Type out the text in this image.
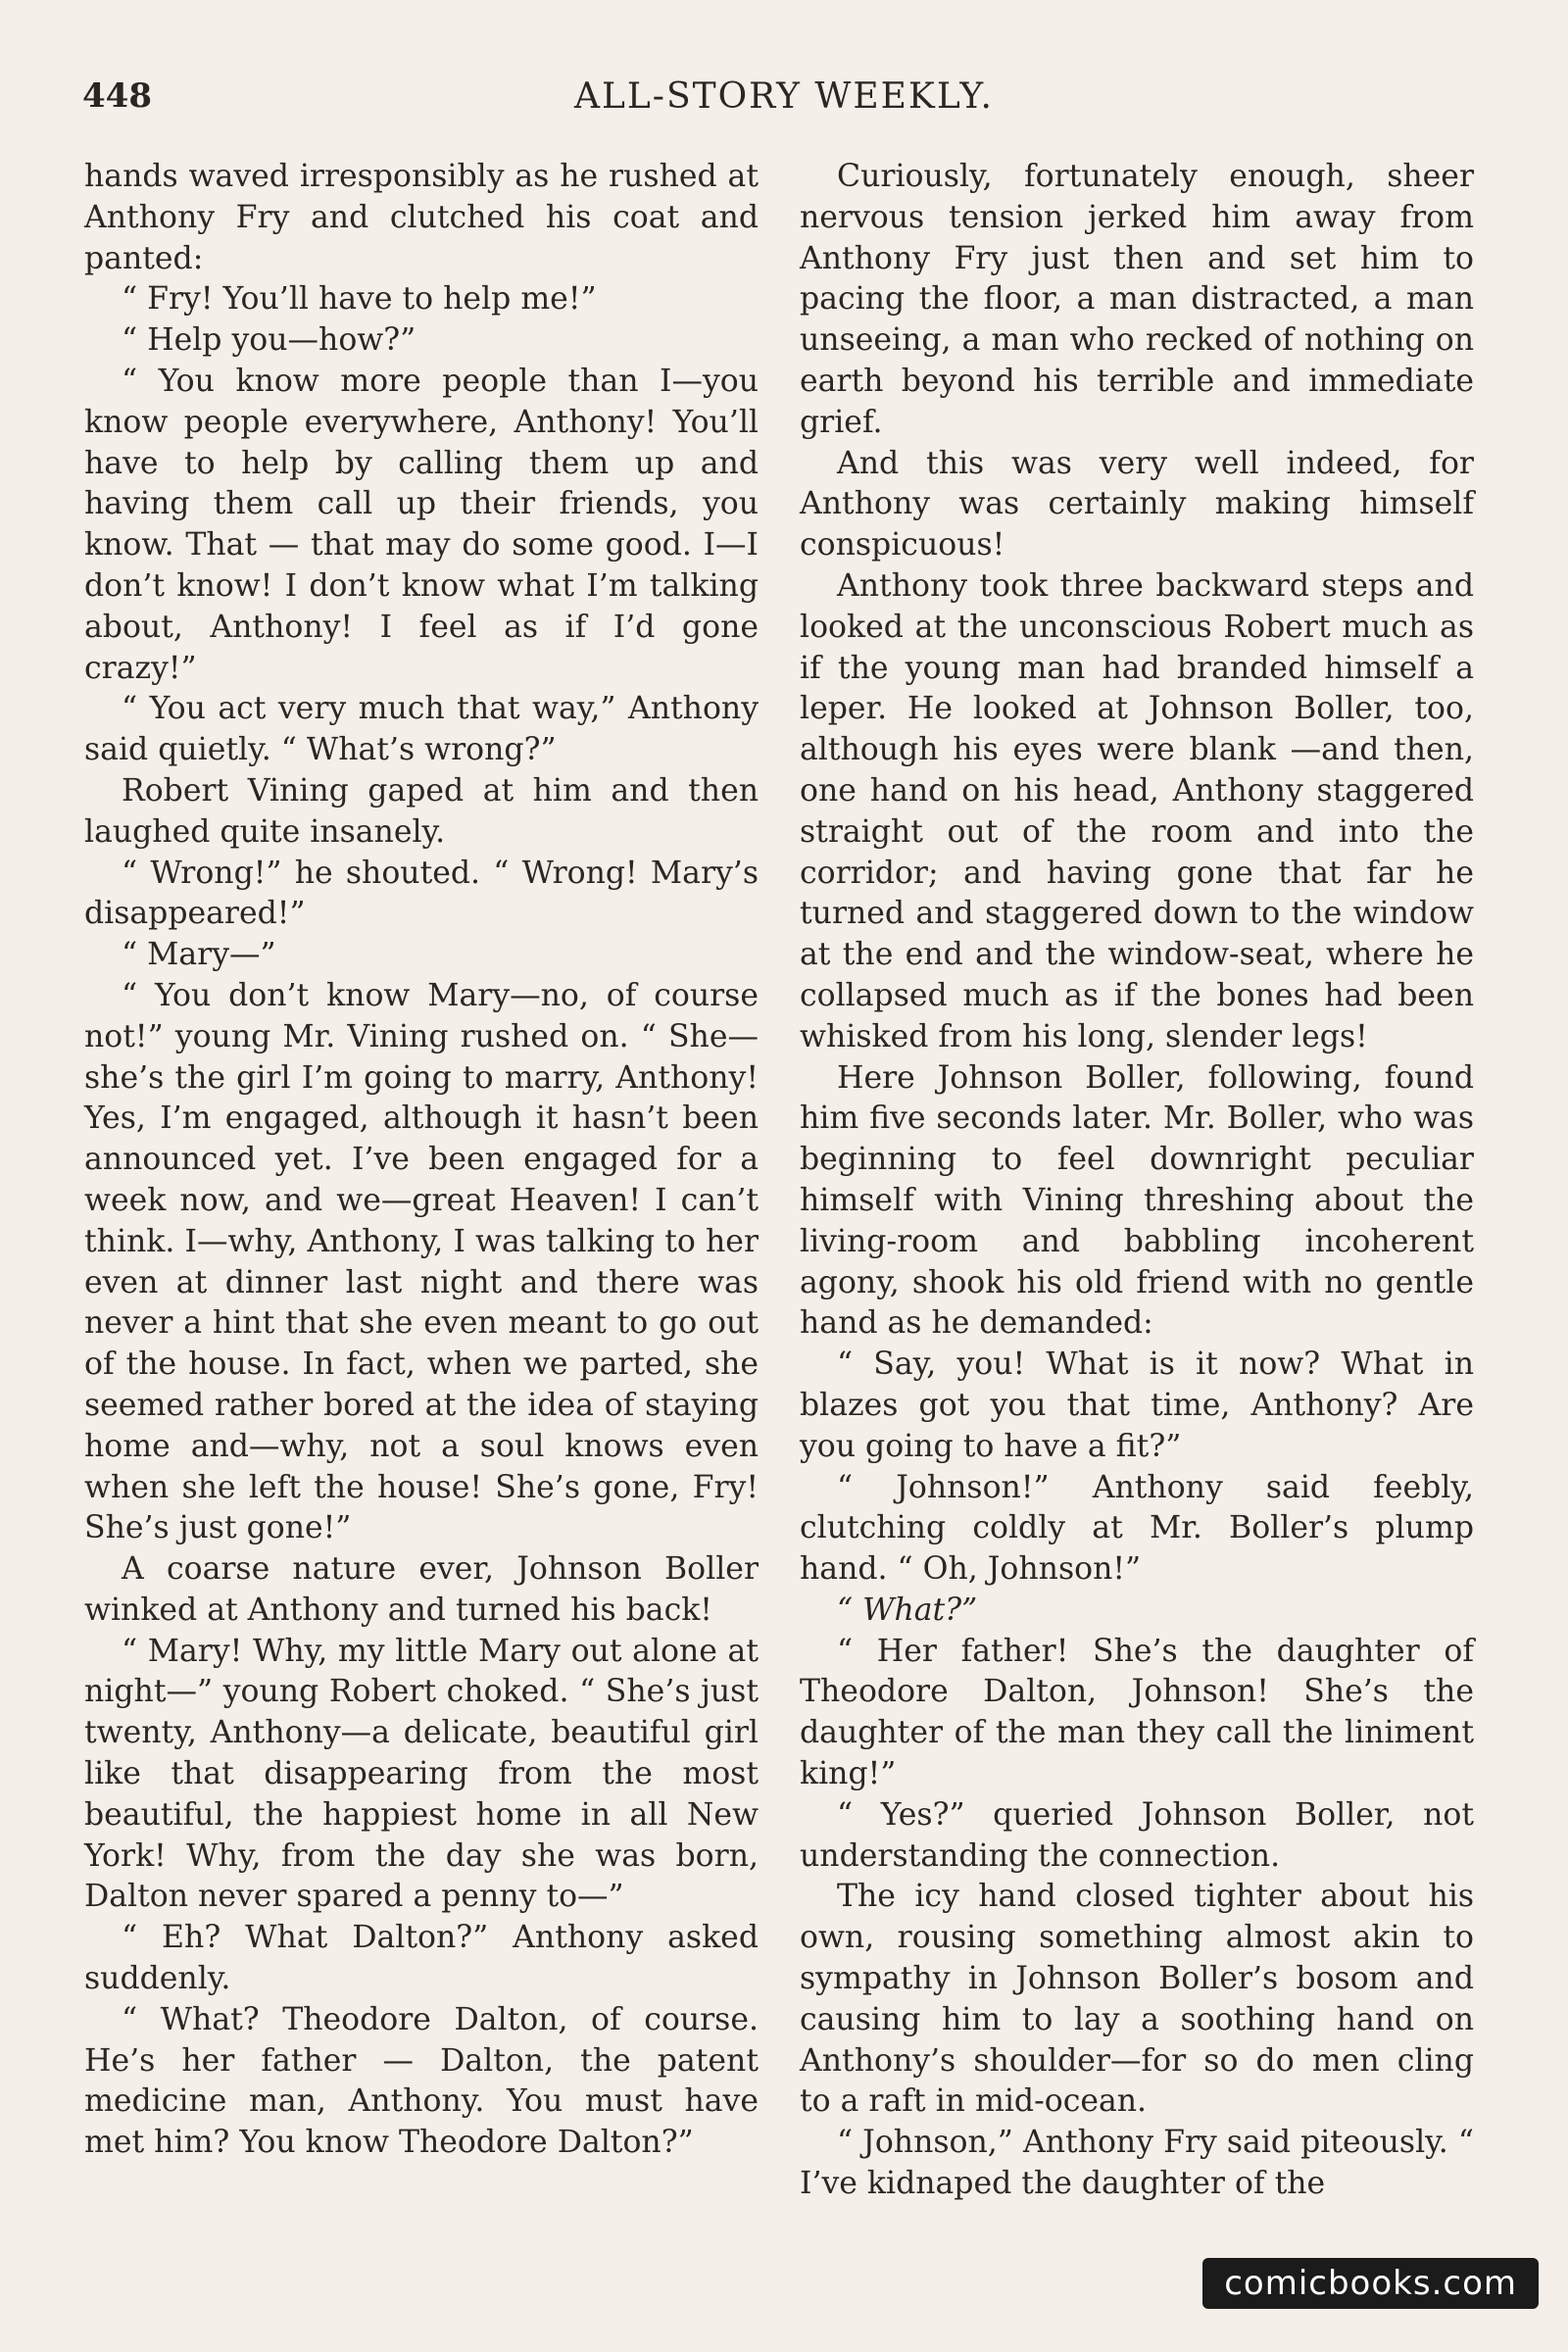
448	ALL-STORY WEEKLY.

hands waved irresponsibly as he rushed at Anthony Fry and clutched his coat and panted:

“ Fry! You’ll have to help me!”

“ Help you—how?”

“ You know more people than I—you know people everywhere, Anthony! You’ll have to help by calling them up and having them call up their friends, you know. That — that may do some good. I—I don’t know! I don’t know what I’m talking about, Anthony! I feel as if I’d gone crazy!”

“ You act very much that way,” Anthony said quietly. “ What’s wrong?”

Robert Vining gaped at him and then laughed quite insanely.

“ Wrong!” he shouted. “ Wrong! Mary’s disappeared!”

“ Mary—”

“ You don’t know Mary—no, of course not!” young Mr. Vining rushed on. “ She—she’s the girl I’m going to marry, Anthony! Yes, I’m engaged, although it hasn’t been announced yet. I’ve been engaged for a week now, and we—great Heaven! I can’t think. I—why, Anthony, I was talking to her even at dinner last night and there was never a hint that she even meant to go out of the house. In fact, when we parted, she seemed rather bored at the idea of staying home and—why, not a soul knows even when she left the house! She’s gone, Fry! She’s just gone!”

A coarse nature ever, Johnson Boller winked at Anthony and turned his back!

“ Mary! Why, my little Mary out alone at night—” young Robert choked. “ She’s just twenty, Anthony—a delicate, beautiful girl like that disappearing from the most beautiful, the happiest home in all New York! Why, from the day she was born, Dalton never spared a penny to—”

“ Eh? What Dalton?” Anthony asked suddenly.

“ What? Theodore Dalton, of course. He’s her father — Dalton, the patent medicine man, Anthony. You must have met him? You know Theodore Dalton?”

Curiously, fortunately enough, sheer nervous tension jerked him away from Anthony Fry just then and set him to pacing the floor, a man distracted, a man unseeing, a man who recked of nothing on earth beyond his terrible and immediate grief.

And this was very well indeed, for Anthony was certainly making himself conspicuous!

Anthony took three backward steps and looked at the unconscious Robert much as if the young man had branded himself a leper. He looked at Johnson Boller, too, although his eyes were blank —and then, one hand on his head, Anthony staggered straight out of the room and into the corridor; and having gone that far he turned and staggered down to the window at the end and the window-seat, where he collapsed much as if the bones had been whisked from his long, slender legs!

Here Johnson Boller, following, found him five seconds later. Mr. Boller, who was beginning to feel downright peculiar himself with Vining threshing about the living-room and babbling incoherent agony, shook his old friend with no gentle hand as he demanded:

“ Say, you! What is it now? What in blazes got you that time, Anthony? Are you going to have a fit?”

“ Johnson!” Anthony said feebly, clutching coldly at Mr. Boller’s plump hand. “ Oh, Johnson!”

“ What?”

“ Her father! She’s the daughter of Theodore Dalton, Johnson! She’s the daughter of the man they call the liniment king!”

“ Yes?” queried Johnson Boller, not understanding the connection.

The icy hand closed tighter about his own, rousing something almost akin to sympathy in Johnson Boller’s bosom and causing him to lay a soothing hand on Anthony’s shoulder—for so do men cling to a raft in mid-ocean.

“ Johnson,” Anthony Fry said piteously. “ I’ve kidnaped the daughter of the

comicbooks.com
